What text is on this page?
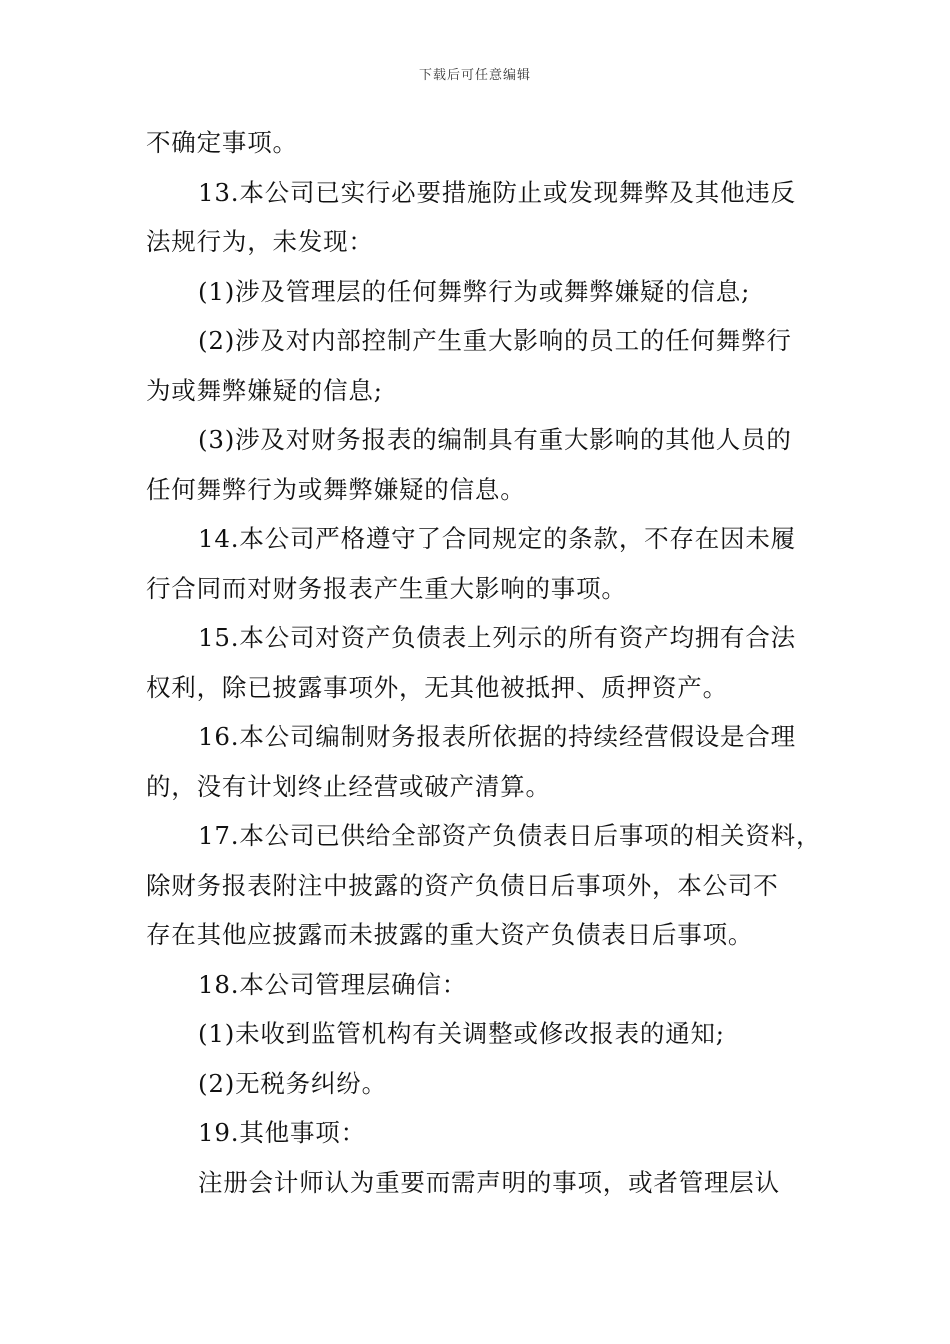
下载后可任意编辑
不确定事项。
13.本公司已实行必要措施防止或发现舞弊及其他违反
法规行为，未发现：
(1)涉及管理层的任何舞弊行为或舞弊嫌疑的信息;
(2)涉及对内部控制产生重大影响的员工的任何舞弊行
为或舞弊嫌疑的信息;
(3)涉及对财务报表的编制具有重大影响的其他人员的
任何舞弊行为或舞弊嫌疑的信息。
14.本公司严格遵守了合同规定的条款，不存在因未履
行合同而对财务报表产生重大影响的事项。
15.本公司对资产负债表上列示的所有资产均拥有合法
权利，除已披露事项外，无其他被抵押、质押资产。
16.本公司编制财务报表所依据的持续经营假设是合理
的，没有计划终止经营或破产清算。
17.本公司已供给全部资产负债表日后事项的相关资料，
除财务报表附注中披露的资产负债日后事项外，本公司不
存在其他应披露而未披露的重大资产负债表日后事项。
18.本公司管理层确信：
(1)未收到监管机构有关调整或修改报表的通知;
(2)无税务纠纷。
19.其他事项：
注册会计师认为重要而需声明的事项，或者管理层认
